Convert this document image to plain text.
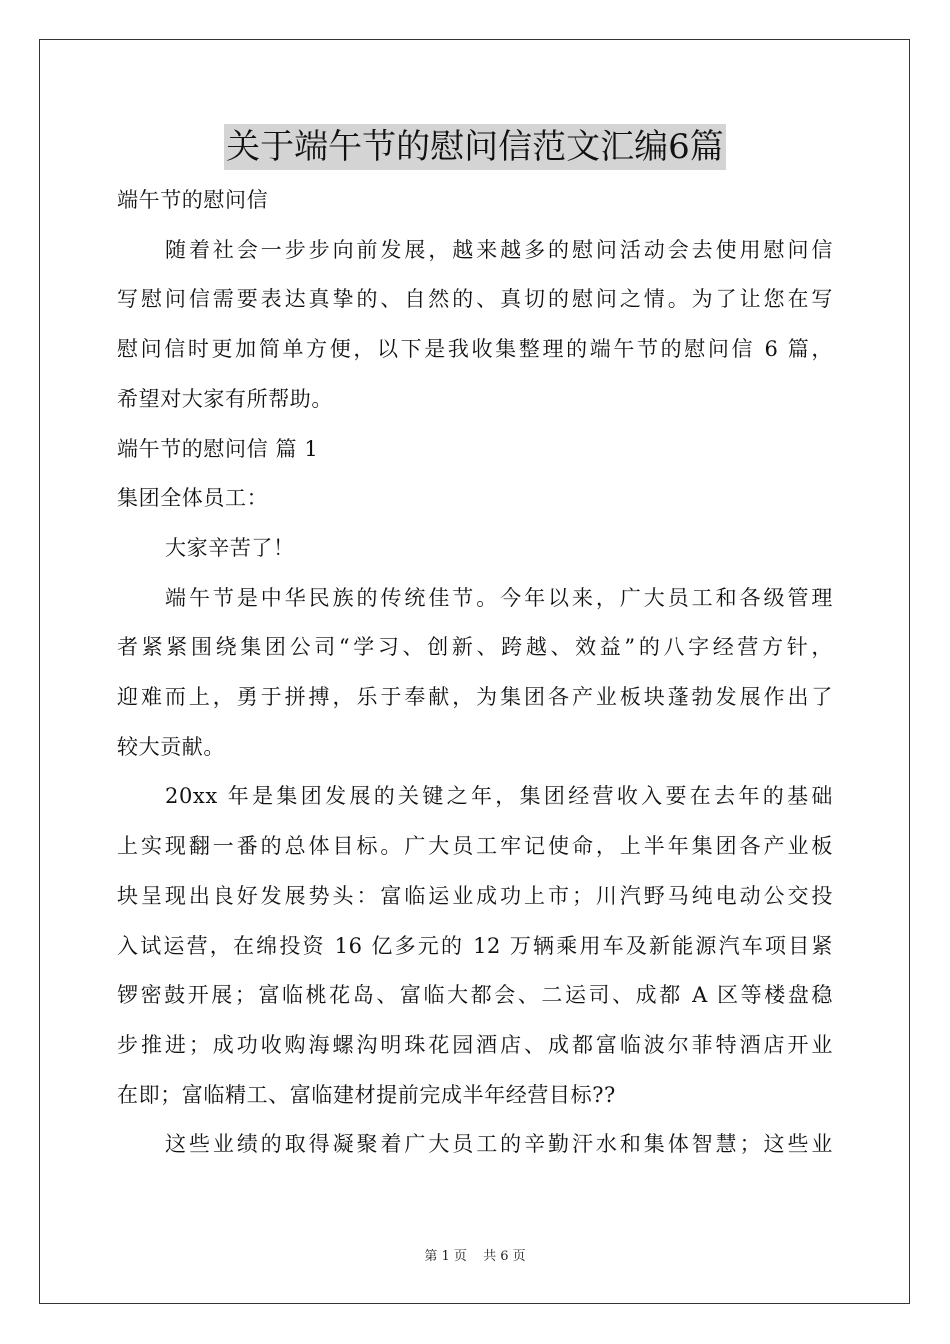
关于端午节的慰问信范文汇编6篇
端午节的慰问信
随着社会一步步向前发展，越来越多的慰问活动会去使用慰问信
写慰问信需要表达真挚的、自然的、真切的慰问之情。为了让您在写
慰问信时更加简单方便，以下是我收集整理的端午节的慰问信 6 篇，
希望对大家有所帮助。
端午节的慰问信 篇 1
集团全体员工：
大家辛苦了！
端午节是中华民族的传统佳节。今年以来，广大员工和各级管理
者紧紧围绕集团公司“学习、创新、跨越、效益”的八字经营方针，
迎难而上，勇于拼搏，乐于奉献，为集团各产业板块蓬勃发展作出了
较大贡献。
20xx 年是集团发展的关键之年，集团经营收入要在去年的基础
上实现翻一番的总体目标。广大员工牢记使命，上半年集团各产业板
块呈现出良好发展势头：富临运业成功上市；川汽野马纯电动公交投
入试运营，在绵投资 16 亿多元的 12 万辆乘用车及新能源汽车项目紧
锣密鼓开展；富临桃花岛、富临大都会、二运司、成都 A 区等楼盘稳
步推进；成功收购海螺沟明珠花园酒店、成都富临波尔菲特酒店开业
在即；富临精工、富临建材提前完成半年经营目标??
这些业绩的取得凝聚着广大员工的辛勤汗水和集体智慧；这些业
第 1 页 共 6 页
